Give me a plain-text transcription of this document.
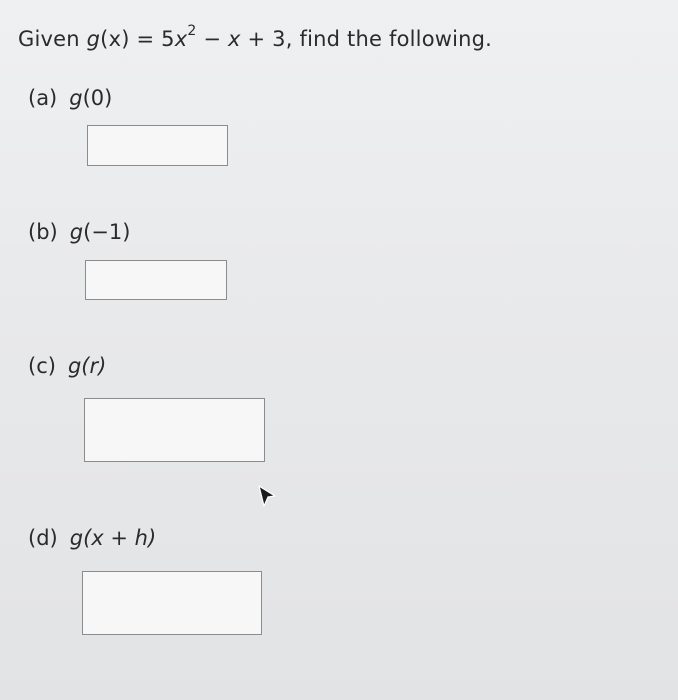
Given $g(x) = 5x^2 - x + 3$, find the following.
(a) g(0)
(b) g(−1)
(c) g(r)
(d) g(x + h)
